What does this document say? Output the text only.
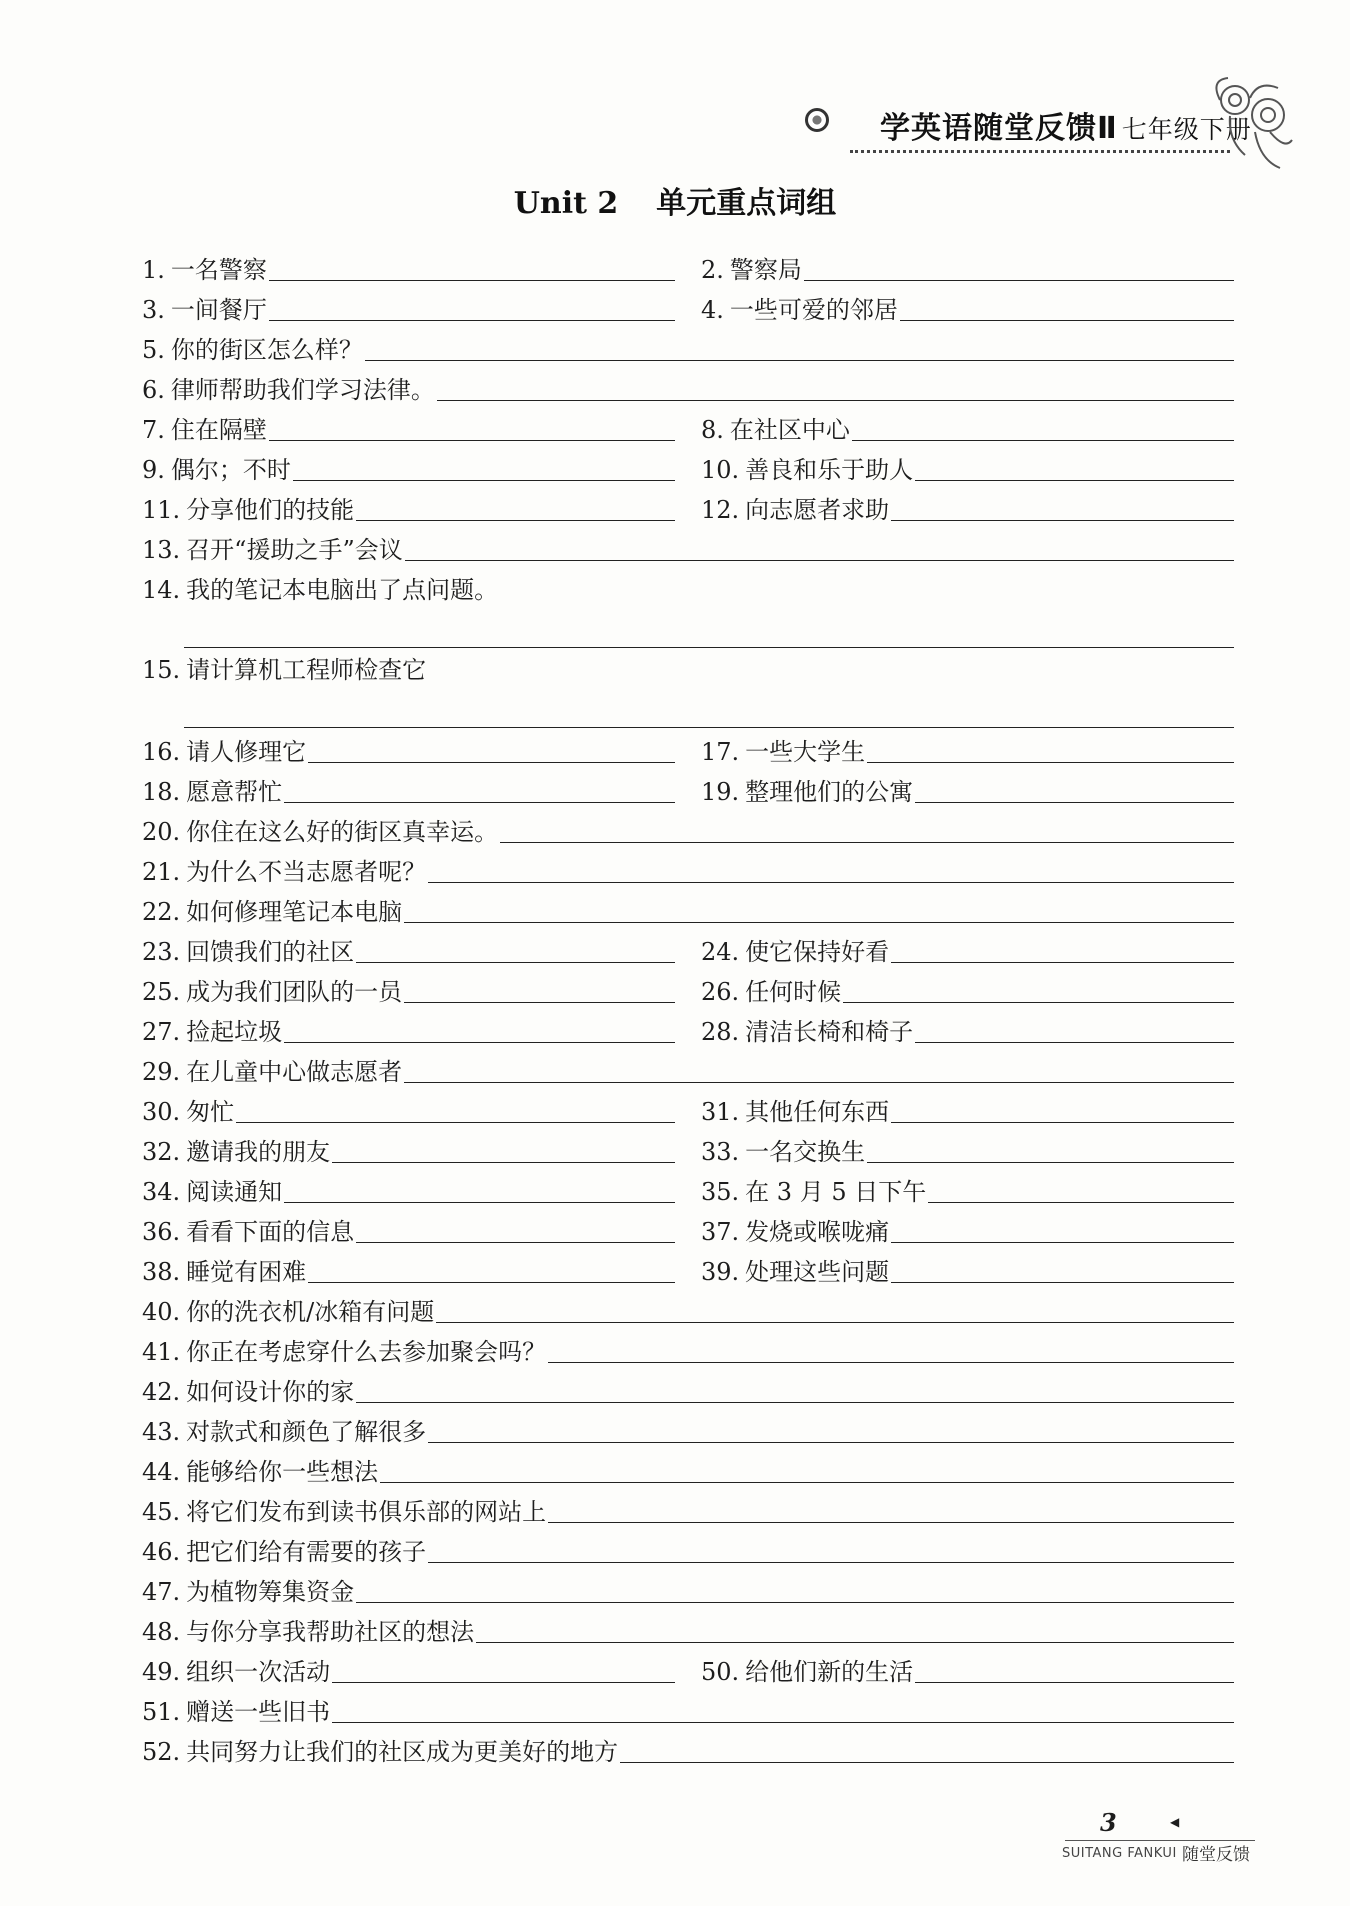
学英语随堂反馈Ⅱ 七年级下册
Unit 2 单元重点词组
1. 一名警察	2. 警察局
3. 一间餐厅	4. 一些可爱的邻居
5. 你的街区怎么样？
6. 律师帮助我们学习法律。
7. 住在隔壁	8. 在社区中心
9. 偶尔；不时	10. 善良和乐于助人
11. 分享他们的技能	12. 向志愿者求助
13. 召开“援助之手”会议
14. 我的笔记本电脑出了点问题。
15. 请计算机工程师检查它
16. 请人修理它	17. 一些大学生
18. 愿意帮忙	19. 整理他们的公寓
20. 你住在这么好的街区真幸运。
21. 为什么不当志愿者呢？
22. 如何修理笔记本电脑
23. 回馈我们的社区	24. 使它保持好看
25. 成为我们团队的一员	26. 任何时候
27. 捡起垃圾	28. 清洁长椅和椅子
29. 在儿童中心做志愿者
30. 匆忙	31. 其他任何东西
32. 邀请我的朋友	33. 一名交换生
34. 阅读通知	35. 在 3 月 5 日下午
36. 看看下面的信息	37. 发烧或喉咙痛
38. 睡觉有困难	39. 处理这些问题
40. 你的洗衣机/冰箱有问题
41. 你正在考虑穿什么去参加聚会吗？
42. 如何设计你的家
43. 对款式和颜色了解很多
44. 能够给你一些想法
45. 将它们发布到读书俱乐部的网站上
46. 把它们给有需要的孩子
47. 为植物筹集资金
48. 与你分享我帮助社区的想法
49. 组织一次活动	50. 给他们新的生活
51. 赠送一些旧书
52. 共同努力让我们的社区成为更美好的地方
3	◀
SUITANG FANKUI 随堂反馈
